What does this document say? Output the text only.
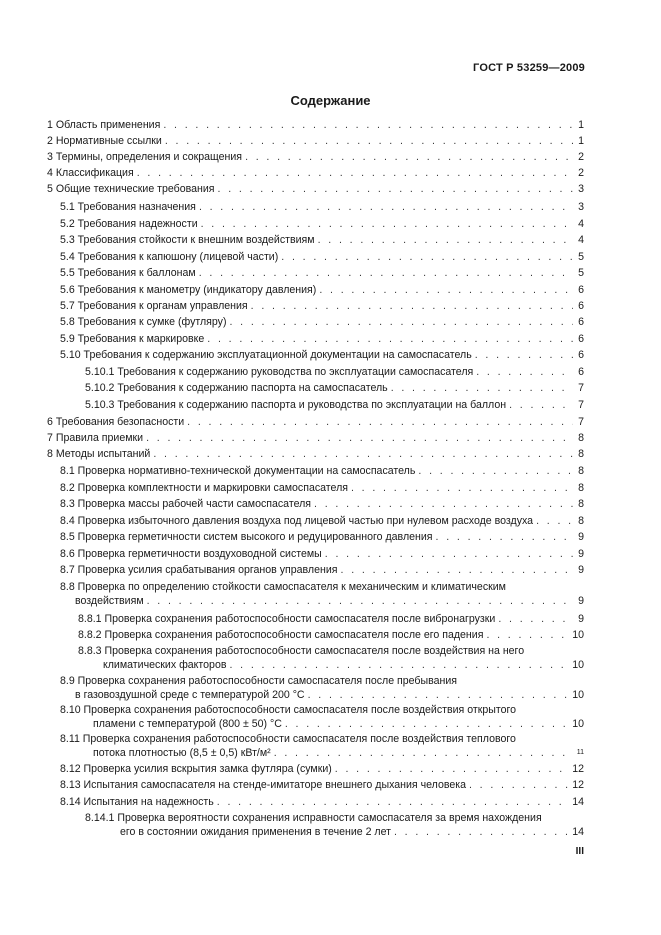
ГОСТ Р 53259—2009
Содержание
1 Область применения . . .	1
2 Нормативные ссылки . . .	1
3 Термины, определения и сокращения . . .	2
4 Классификация . . .	2
5 Общие технические требования . . .	3
5.1 Требования назначения . . .	3
5.2 Требования надежности . . .	4
5.3 Требования стойкости к внешним воздействиям . . .	4
5.4 Требования к капюшону (лицевой части) . . .	5
5.5 Требования к баллонам . . .	5
5.6 Требования к манометру (индикатору давления) . . .	6
5.7 Требования к органам управления . . .	6
5.8 Требования к сумке (футляру) . . .	6
5.9 Требования к маркировке . . .	6
5.10 Требования к содержанию эксплуатационной документации на самоспасатель . . .	6
5.10.1 Требования к содержанию руководства по эксплуатации самоспасателя . . .	6
5.10.2 Требования к содержанию паспорта на самоспасатель . . .	7
5.10.3 Требования к содержанию паспорта и руководства по эксплуатации на баллон . . .	7
6 Требования безопасности . . .	7
7 Правила приемки . . .	8
8 Методы испытаний . . .	8
8.1 Проверка нормативно-технической документации на самоспасатель . . .	8
8.2 Проверка комплектности и маркировки самоспасателя . . .	8
8.3 Проверка массы рабочей части самоспасателя . . .	8
8.4 Проверка избыточного давления воздуха под лицевой частью при нулевом расходе воздуха . . .	8
8.5 Проверка герметичности систем высокого и редуцированного давления . . .	9
8.6 Проверка герметичности воздуховодной системы . . .	9
8.7 Проверка усилия срабатывания органов управления . . .	9
8.8 Проверка по определению стойкости самоспасателя к механическим и климатическим
воздействиям . . .	9
8.8.1 Проверка сохранения работоспособности самоспасателя после вибронагрузки . . .	9
8.8.2 Проверка сохранения работоспособности самоспасателя после его падения . . .	10
8.8.3 Проверка сохранения работоспособности самоспасателя после воздействия на него
климатических факторов . . .	10
8.9 Проверка сохранения работоспособности самоспасателя после пребывания
в газовоздушной среде с температурой 200 °C . . .	10
8.10 Проверка сохранения работоспособности самоспасателя после воздействия открытого
пламени с температурой (800 ± 50) °C . . .	10
8.11 Проверка сохранения работоспособности самоспасателя после воздействия теплового
потока плотностью (8,5 ± 0,5) кВт/м² . . .	11
8.12 Проверка усилия вскрытия замка футляра (сумки) . . .	12
8.13 Испытания самоспасателя на стенде-имитаторе внешнего дыхания человека . . .	12
8.14 Испытания на надежность . . .	14
8.14.1 Проверка вероятности сохранения исправности самоспасателя за время нахождения
его в состоянии ожидания применения в течение 2 лет . . .	14
III
